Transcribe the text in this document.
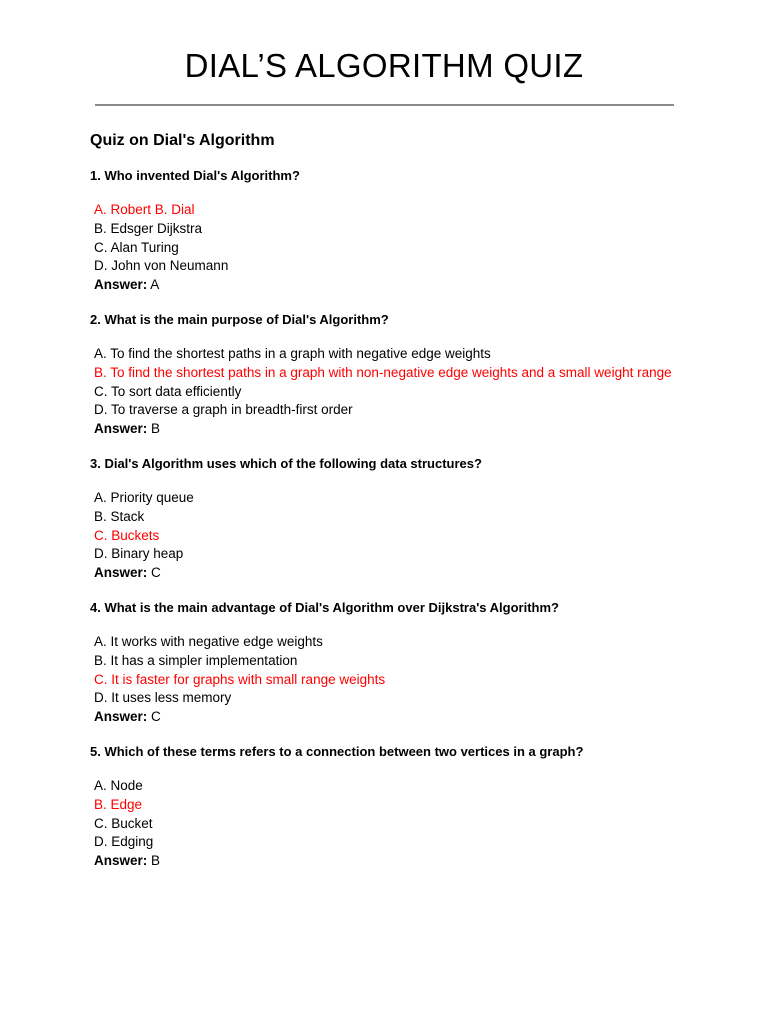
DIAL’S ALGORITHM QUIZ
Quiz on Dial's Algorithm
1. Who invented Dial's Algorithm?
A. Robert B. Dial
B. Edsger Dijkstra
C. Alan Turing
D. John von Neumann
Answer: A
2. What is the main purpose of Dial's Algorithm?
A. To find the shortest paths in a graph with negative edge weights
B. To find the shortest paths in a graph with non-negative edge weights and a small weight range
C. To sort data efficiently
D. To traverse a graph in breadth-first order
Answer: B
3. Dial's Algorithm uses which of the following data structures?
A. Priority queue
B. Stack
C. Buckets
D. Binary heap
Answer: C
4. What is the main advantage of Dial's Algorithm over Dijkstra's Algorithm?
A. It works with negative edge weights
B. It has a simpler implementation
C. It is faster for graphs with small range weights
D. It uses less memory
Answer: C
5. Which of these terms refers to a connection between two vertices in a graph?
A. Node
B. Edge
C. Bucket
D. Edging
Answer: B
